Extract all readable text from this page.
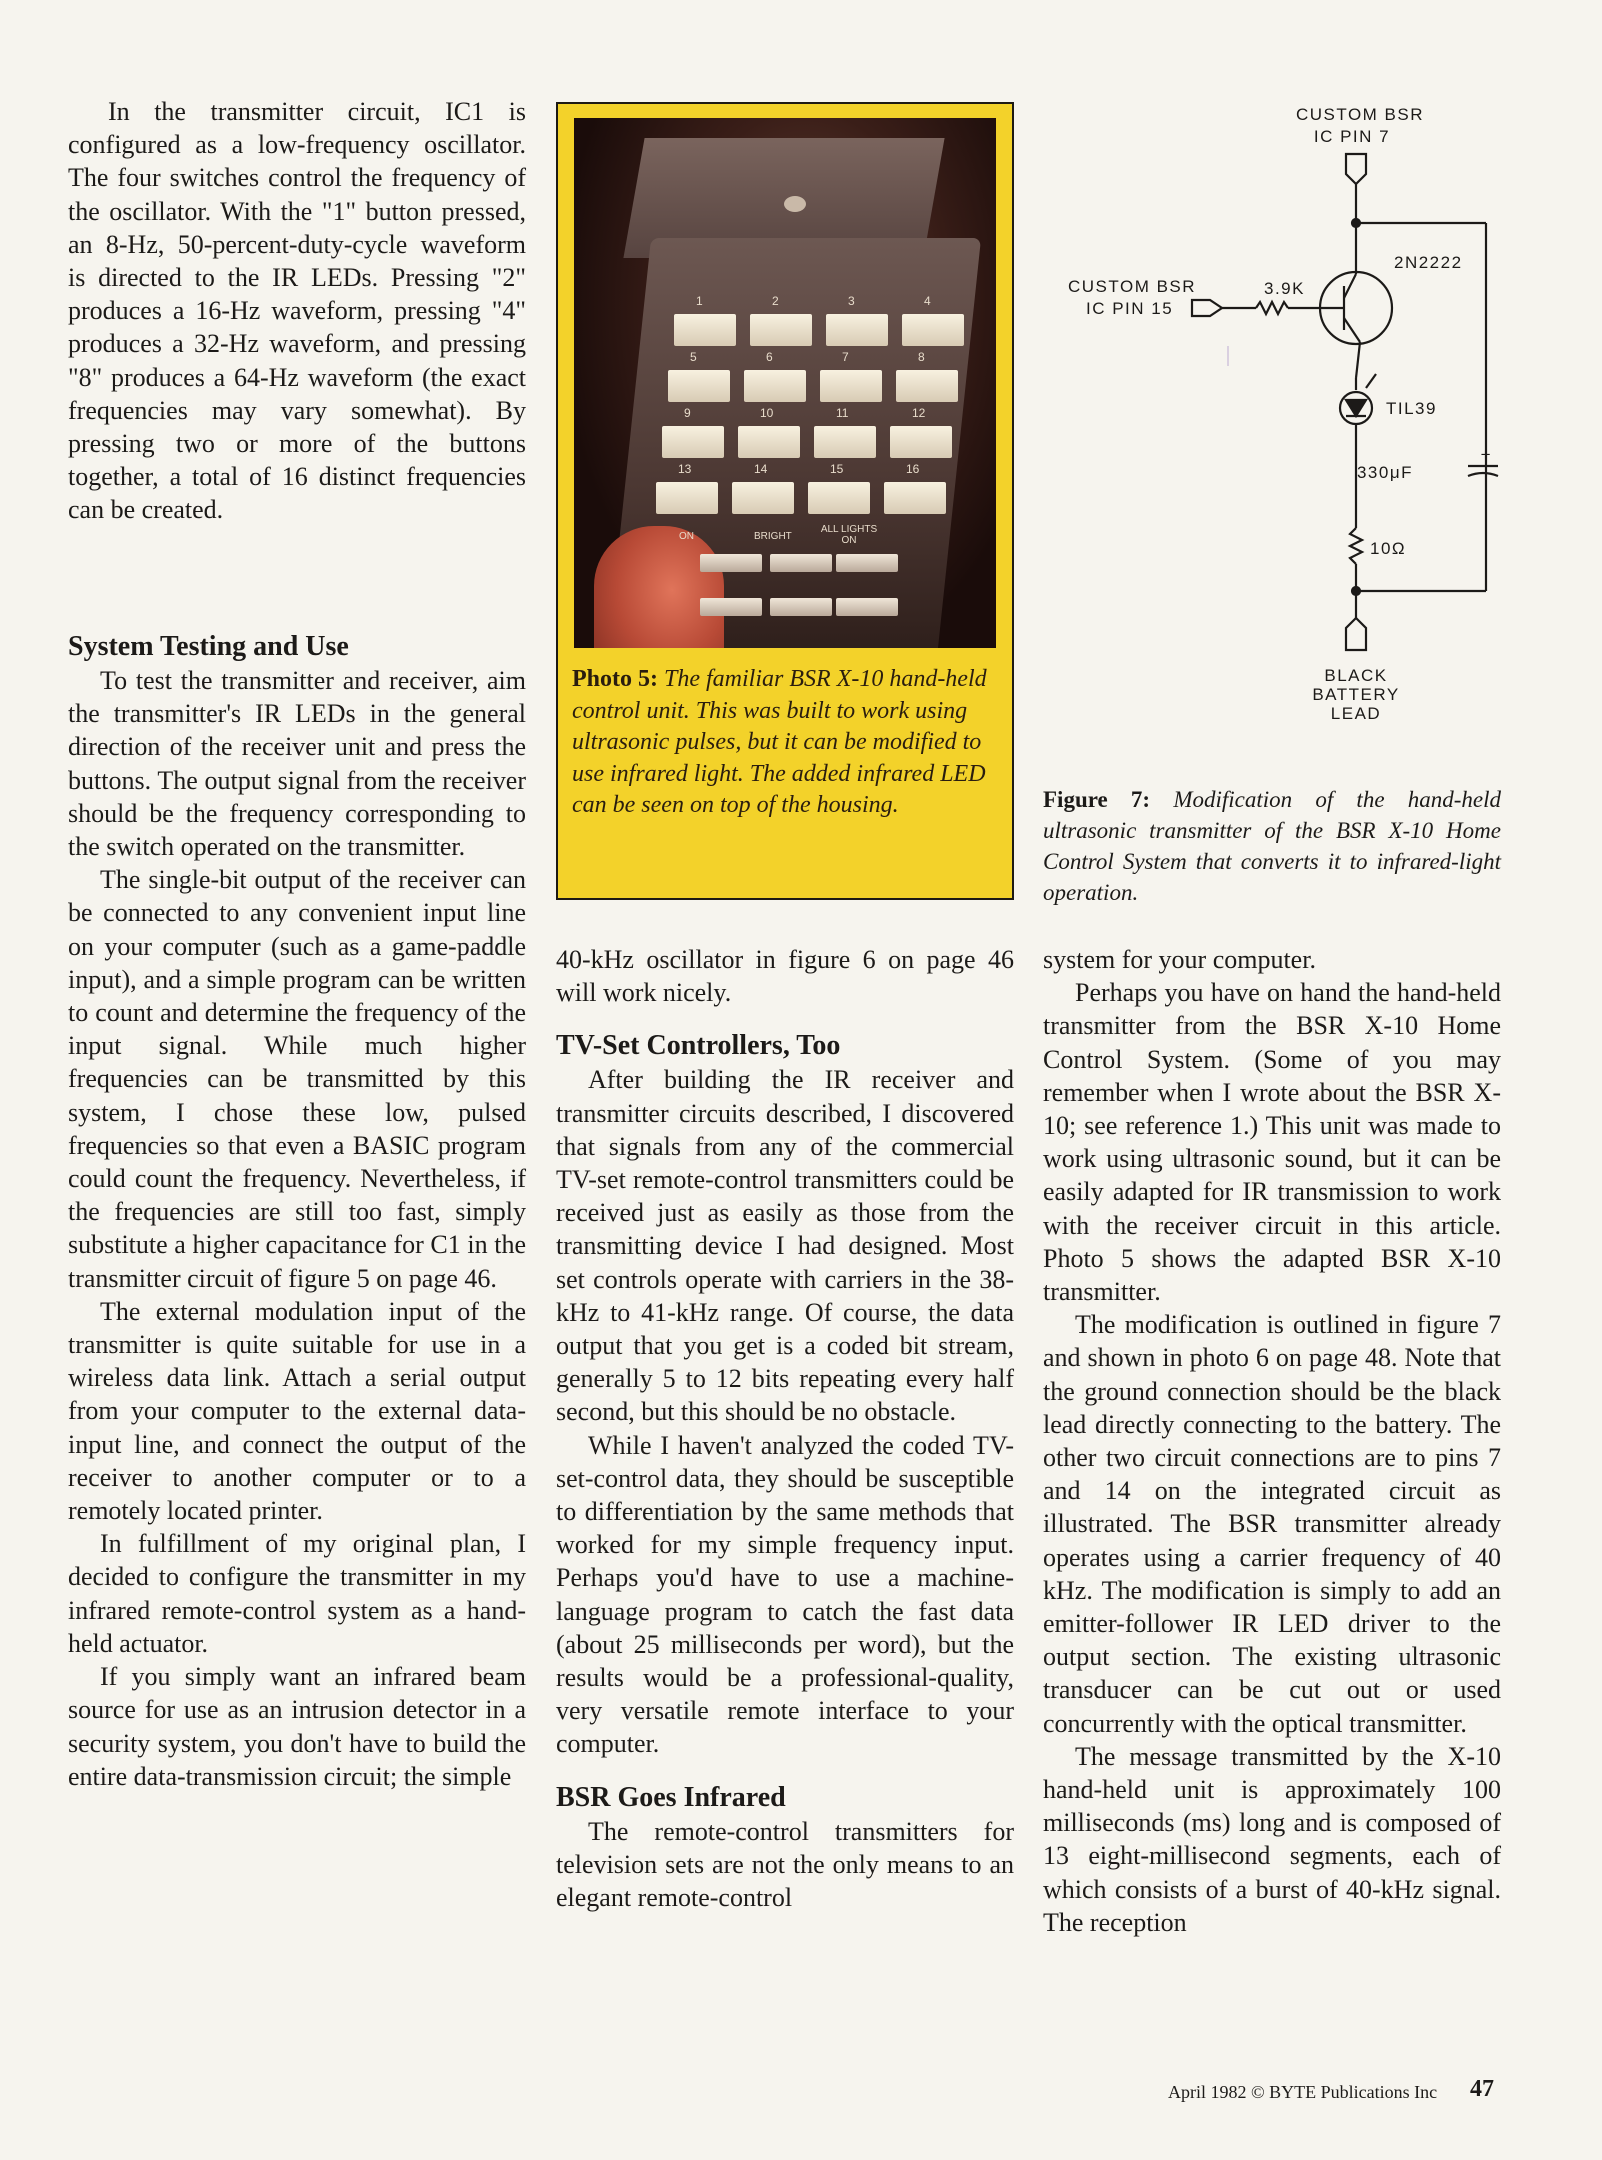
In the transmitter circuit, IC1 is configured as a low-frequency oscillator. The four switches control the frequency of the oscillator. With the "1" button pressed, an 8-Hz, 50-percent-duty-cycle waveform is directed to the IR LEDs. Pressing "2" produces a 16-Hz waveform, pressing "4" produces a 32-Hz waveform, and pressing "8" produces a 64-Hz waveform (the exact frequencies may vary somewhat). By pressing two or more of the buttons together, a total of 16 distinct frequencies can be created.

System Testing and Use

To test the transmitter and receiver, aim the transmitter's IR LEDs in the general direction of the receiver unit and press the buttons. The output signal from the receiver should be the frequency corresponding to the switch operated on the transmitter.

The single-bit output of the receiver can be connected to any convenient input line on your computer (such as a game-paddle input), and a simple program can be written to count and determine the frequency of the input signal. While much higher frequencies can be transmitted by this system, I chose these low, pulsed frequencies so that even a BASIC program could count the frequency. Nevertheless, if the frequencies are still too fast, simply substitute a higher capacitance for C1 in the transmitter circuit of figure 5 on page 46.

The external modulation input of the transmitter is quite suitable for use in a wireless data link. Attach a serial output from your computer to the external data-input line, and connect the output of the receiver to another computer or to a remotely located printer.

In fulfillment of my original plan, I decided to configure the transmitter in my infrared remote-control system as a hand-held actuator.

If you simply want an infrared beam source for use as an intrusion detector in a security system, you don't have to build the entire data-transmission circuit; the simple

1	2	3	4
5	6	7	8
9	10	11	12
13	14	15	16
ON	BRIGHT
ALL LIGHTS ON
Photo 5: The familiar BSR X-10 hand-held control unit. This was built to work using ultrasonic pulses, but it can be modified to use infrared light. The added infrared LED can be seen on top of the housing.
CUSTOM BSR
IC PIN 7
CUSTOM BSR
IC PIN 15
3.9K
2N2222
TIL39
330μF
+
10Ω
BLACK
BATTERY
LEAD
Figure 7: Modification of the hand-held ultrasonic transmitter of the BSR X-10 Home Control System that converts it to infrared-light operation.

40-kHz oscillator in figure 6 on page 46 will work nicely.

TV-Set Controllers, Too

After building the IR receiver and transmitter circuits described, I discovered that signals from any of the commercial TV-set remote-control transmitters could be received just as easily as those from the transmitting device I had designed. Most set controls operate with carriers in the 38-kHz to 41-kHz range. Of course, the data output that you get is a coded bit stream, generally 5 to 12 bits repeating every half second, but this should be no obstacle.

While I haven't analyzed the coded TV-set-control data, they should be susceptible to differentiation by the same methods that worked for my simple frequency input. Perhaps you'd have to use a machine-language program to catch the fast data (about 25 milliseconds per word), but the results would be a professional-quality, very versatile remote interface to your computer.

BSR Goes Infrared

The remote-control transmitters for television sets are not the only means to an elegant remote-control

system for your computer.

Perhaps you have on hand the hand-held transmitter from the BSR X-10 Home Control System. (Some of you may remember when I wrote about the BSR X-10; see reference 1.) This unit was made to work using ultrasonic sound, but it can be easily adapted for IR transmission to work with the receiver circuit in this article. Photo 5 shows the adapted BSR X-10 transmitter.

The modification is outlined in figure 7 and shown in photo 6 on page 48. Note that the ground connection should be the black lead directly connecting to the battery. The other two circuit connections are to pins 7 and 14 on the integrated circuit as illustrated. The BSR transmitter already operates using a carrier frequency of 40 kHz. The modification is simply to add an emitter-follower IR LED driver to the output section. The existing ultrasonic transducer can be cut out or used concurrently with the optical transmitter.

The message transmitted by the X-10 hand-held unit is approximately 100 milliseconds (ms) long and is composed of 13 eight-millisecond segments, each of which consists of a burst of 40-kHz signal. The reception

April 1982 © BYTE Publications Inc 47
